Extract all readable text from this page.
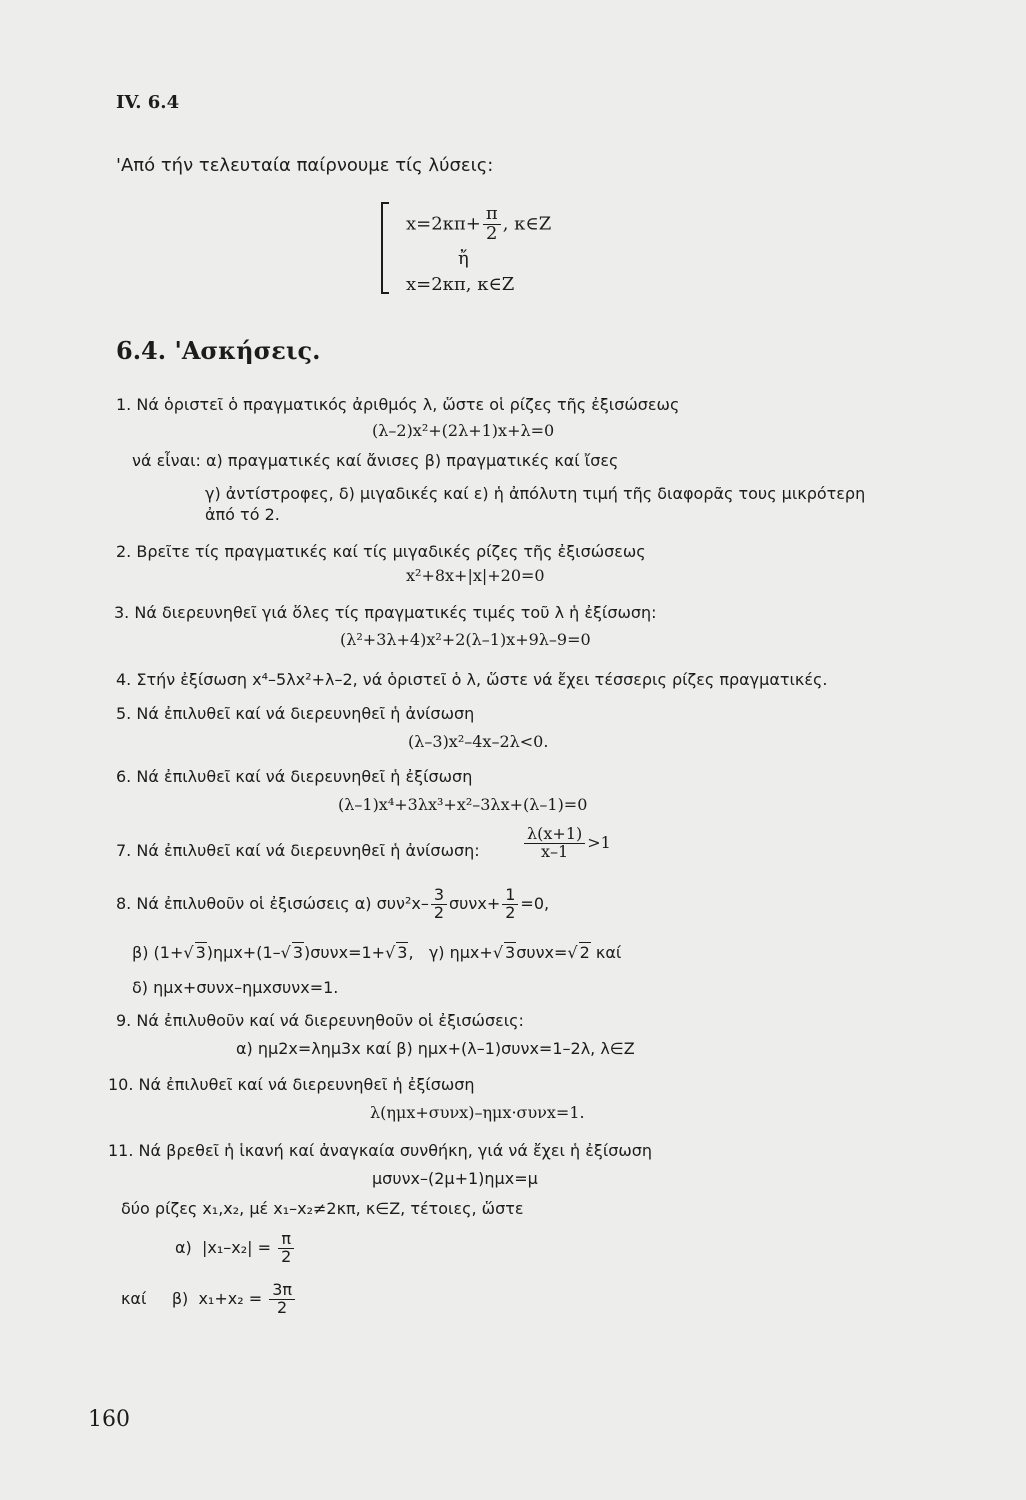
IV. 6.4
'Από τήν τελευταία παίρνουμε τίς λύσεις:
$x=2\kappa\pi+ \frac{\pi}{2}$ , κ∈Z
ἤ
x=2κπ, κ∈Z
6.4. 'Ασκήσεις.
1. Νά ὁριστεῖ ὁ πραγματικός ἀριθμός λ, ὥστε οἱ ρίζες τῆς ἐξισώσεως
(λ–2)x²+(2λ+1)x+λ=0
νά εἶναι: α) πραγματικές καί ἄνισες β) πραγματικές καί ἴσες
γ) ἀντίστροφες, δ) μιγαδικές καί ε) ἡ ἀπόλυτη τιμή τῆς διαφορᾶς τους μικρότερη
ἀπό τό 2.
2. Βρεῖτε τίς πραγματικές καί τίς μιγαδικές ρίζες τῆς ἐξισώσεως
x²+8x+|x|+20=0
3. Νά διερευνηθεῖ γιά ὅλες τίς πραγματικές τιμές τοῦ λ ἡ ἐξίσωση:
(λ²+3λ+4)x²+2(λ–1)x+9λ–9=0
4. Στήν ἐξίσωση x⁴–5λx²+λ–2, νά ὁριστεῖ ὁ λ, ὥστε νά ἔχει τέσσερις ρίζες πραγματικές.
5. Νά ἐπιλυθεῖ καί νά διερευνηθεῖ ἡ ἀνίσωση
(λ–3)x²–4x–2λ<0.
6. Νά ἐπιλυθεῖ καί νά διερευνηθεῖ ἡ ἐξίσωση
(λ–1)x⁴+3λx³+x²–3λx+(λ–1)=0
7. Νά ἐπιλυθεῖ καί νά διερευνηθεῖ ἡ ἀνίσωση:	$\frac{\lambda(x+1)}{x-1} >1$
8. Νά ἐπιλυθοῦν οἱ ἐξισώσεις α) $\sigma\upsilon\nu^2x- \frac{3}{2} \sigma\upsilon\nu x+ \frac{1}{2} =0$,
β) (1+√ 3)ημx+(1–√ 3)συνx=1+√ 3, γ) ημx+√ 3συνx=√ 2 καί
δ) ημx+συνx–ημxσυνx=1.
9. Νά ἐπιλυθοῦν καί νά διερευνηθοῦν οἱ ἐξισώσεις:
α) ημ2x=λημ3x καί β) ημx+(λ–1)συνx=1–2λ, λ∈Z
10. Νά ἐπιλυθεῖ καί νά διερευνηθεῖ ἡ ἐξίσωση
λ(ημx+συνx)–ημx·συνx=1.
11. Νά βρεθεῖ ἡ ἱκανή καί ἀναγκαία συνθήκη, γιά νά ἔχει ἡ ἐξίσωση
μσυνx–(2μ+1)ημx=μ
δύο ρίζες x₁,x₂, μέ x₁–x₂≠2κπ, κ∈Z, τέτοιες, ὥστε
α) $|x_1-x_2| = \frac{\pi}{2}$
καί β) $x_1+x_2 = \frac{3\pi}{2}$
160
